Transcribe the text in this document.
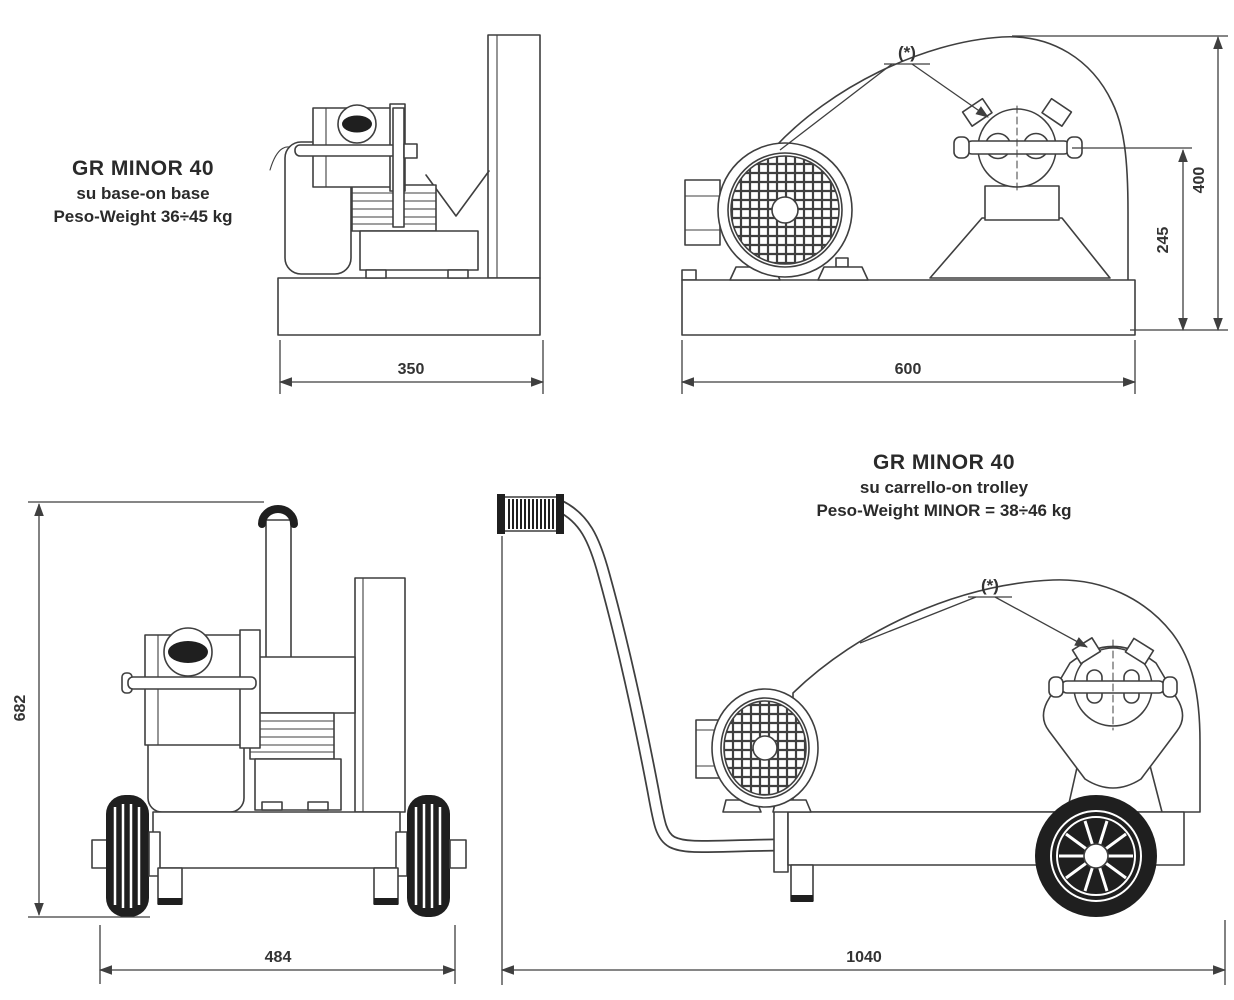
GR MINOR 40
su base-on base
Peso-Weight 36÷45 kg
GR MINOR 40
su carrello-on trolley
Peso-Weight MINOR = 38÷46 kg
350
(*)
245
400
600
682
484
(*)
1040
